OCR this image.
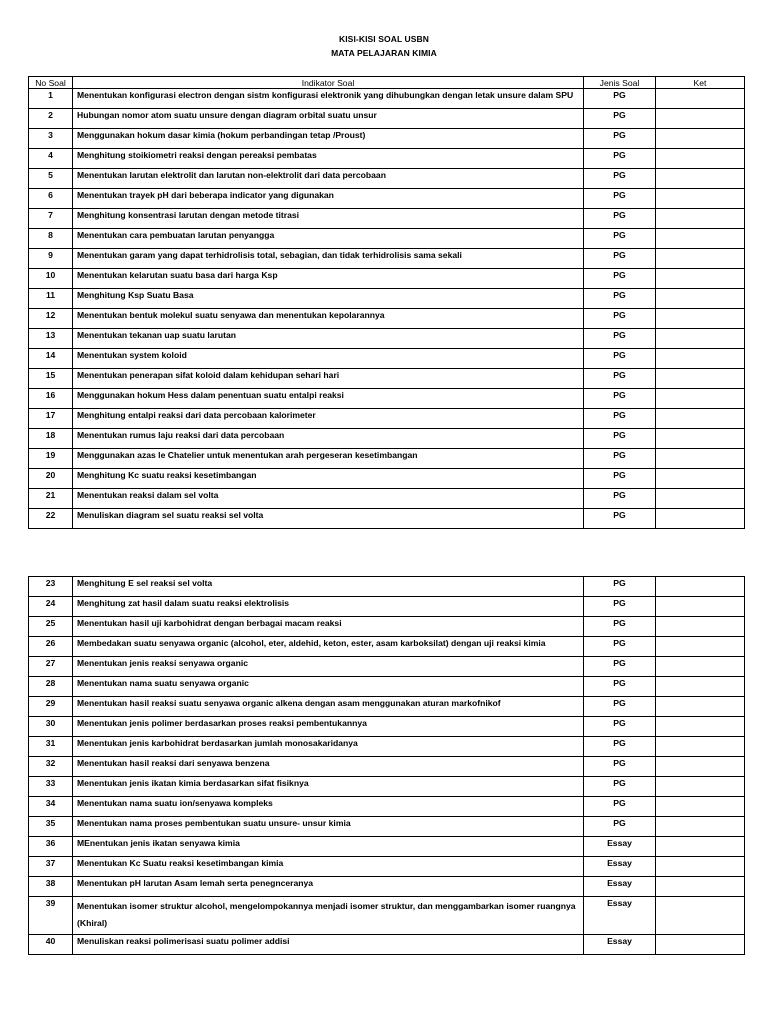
KISI-KISI SOAL USBN
MATA PELAJARAN KIMIA
No Soal	Indikator Soal	Jenis Soal	Ket
1	Menentukan konfigurasi electron dengan sistm konfigurasi elektronik yang dihubungkan dengan letak unsure dalam SPU	PG	
2	Hubungan nomor atom suatu unsure dengan diagram orbital suatu unsur	PG	
3	Menggunakan hokum dasar kimia (hokum perbandingan tetap /Proust)	PG	
4	Menghitung stoikiometri reaksi dengan pereaksi pembatas	PG	
5	Menentukan larutan elektrolit dan larutan non-elektrolit dari data percobaan	PG	
6	Menentukan trayek pH dari beberapa indicator yang digunakan	PG	
7	Menghitung konsentrasi larutan dengan metode titrasi	PG	
8	Menentukan cara pembuatan larutan penyangga	PG	
9	Menentukan garam yang dapat terhidrolisis total, sebagian, dan tidak terhidrolisis sama sekali	PG	
10	Menentukan kelarutan suatu basa dari harga Ksp	PG	
11	Menghitung Ksp Suatu Basa	PG	
12	Menentukan bentuk molekul suatu senyawa dan menentukan kepolarannya	PG	
13	Menentukan tekanan uap suatu larutan	PG	
14	Menentukan system koloid	PG	
15	Menentukan penerapan sifat koloid dalam kehidupan sehari hari	PG	
16	Menggunakan hokum Hess dalam penentuan suatu entalpi reaksi	PG	
17	Menghitung entalpi reaksi dari data percobaan kalorimeter	PG	
18	Menentukan rumus laju reaksi dari data percobaan	PG	
19	Menggunakan azas le Chatelier untuk menentukan arah pergeseran kesetimbangan	PG	
20	Menghitung Kc suatu reaksi kesetimbangan	PG	
21	Menentukan reaksi dalam sel volta	PG	
22	Menuliskan diagram sel suatu reaksi sel volta	PG	
23	Menghitung E sel reaksi sel volta	PG	
24	Menghitung zat hasil dalam suatu reaksi elektrolisis	PG	
25	Menentukan hasil uji karbohidrat dengan berbagai macam reaksi	PG	
26	Membedakan suatu senyawa organic (alcohol, eter, aldehid, keton, ester, asam karboksilat) dengan uji reaksi kimia	PG	
27	Menentukan jenis reaksi senyawa organic	PG	
28	Menentukan nama suatu senyawa organic	PG	
29	Menentukan hasil reaksi suatu senyawa organic alkena dengan asam menggunakan aturan markofnikof	PG	
30	Menentukan jenis polimer berdasarkan proses reaksi pembentukannya	PG	
31	Menentukan jenis karbohidrat berdasarkan jumlah monosakaridanya	PG	
32	Menentukan hasil reaksi dari senyawa benzena	PG	
33	Menentukan jenis ikatan kimia berdasarkan sifat fisiknya	PG	
34	Menentukan nama suatu ion/senyawa kompleks	PG	
35	Menentukan nama proses pembentukan suatu unsure- unsur kimia	PG	
36	MEnentukan jenis ikatan senyawa kimia	Essay	
37	Menentukan Kc Suatu reaksi kesetimbangan kimia	Essay	
38	Menentukan pH larutan Asam lemah serta penegnceranya	Essay	
39	Menentukan isomer struktur alcohol, mengelompokannya menjadi isomer struktur, dan menggambarkan isomer ruangnya (Khiral)	Essay	
40	Menuliskan reaksi polimerisasi suatu polimer addisi	Essay	
